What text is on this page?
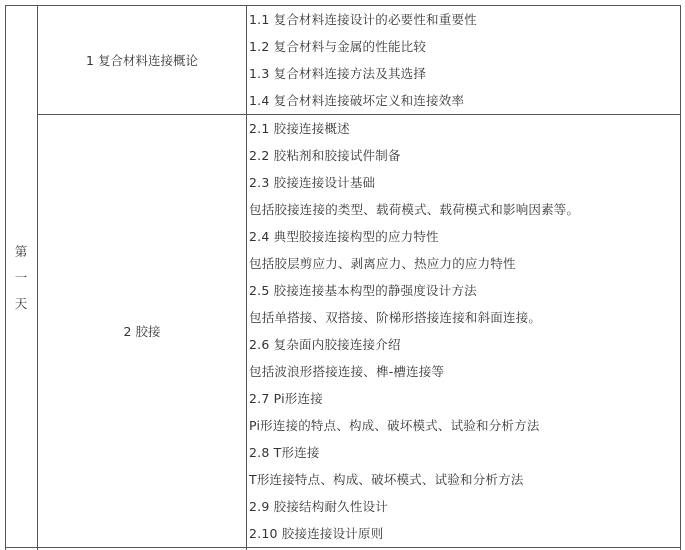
第
一
天
1 复合材料连接概论
1.1 复合材料连接设计的必要性和重要性
1.2 复合材料与金属的性能比较
1.3 复合材料连接方法及其选择
1.4 复合材料连接破坏定义和连接效率
2 胶接
2.1 胶接连接概述
2.2 胶粘剂和胶接试件制备
2.3 胶接连接设计基础
包括胶接连接的类型、载荷模式、载荷模式和影响因素等。
2.4 典型胶接连接构型的应力特性
包括胶层剪应力、剥离应力、热应力的应力特性
2.5 胶接连接基本构型的静强度设计方法
包括单搭接、双搭接、阶梯形搭接连接和斜面连接。
2.6 复杂面内胶接连接介绍
包括波浪形搭接连接、榫-槽连接等
2.7 Pi形连接
Pi形连接的特点、构成、破坏模式、试验和分析方法
2.8 T形连接
T形连接特点、构成、破坏模式、试验和分析方法
2.9 胶接结构耐久性设计
2.10 胶接连接设计原则
